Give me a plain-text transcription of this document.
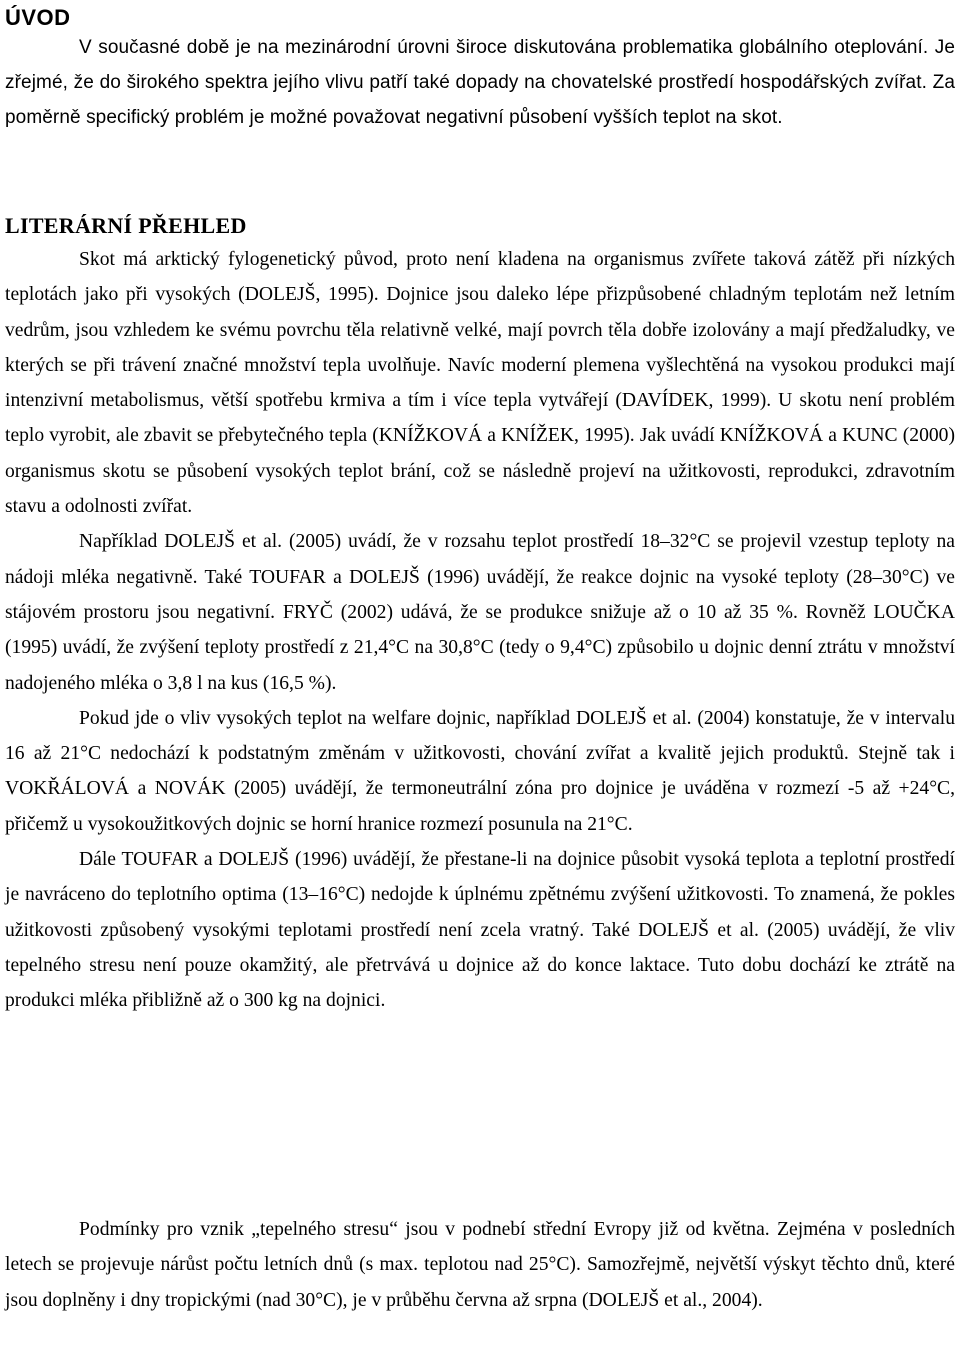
ÚVOD

V současné době je na mezinárodní úrovni široce diskutována problematika globálního oteplování. Je zřejmé, že do širokého spektra jejího vlivu patří také dopady na chovatelské prostředí hospodářských zvířat. Za poměrně specifický problém je možné považovat negativní působení vyšších teplot na skot.

LITERÁRNÍ PŘEHLED

Skot má arktický fylogenetický původ, proto není kladena na organismus zvířete taková zátěž při nízkých teplotách jako při vysokých (DOLEJŠ, 1995). Dojnice jsou daleko lépe přizpůsobené chladným teplotám než letním vedrům, jsou vzhledem ke svému povrchu těla relativně velké, mají povrch těla dobře izolovány a mají předžaludky, ve kterých se při trávení značné množství tepla uvolňuje. Navíc moderní plemena vyšlechtěná na vysokou produkci mají intenzivní metabolismus, větší spotřebu krmiva a tím i více tepla vytvářejí (DAVÍDEK, 1999). U skotu není problém teplo vyrobit, ale zbavit se přebytečného tepla (KNÍŽKOVÁ a KNÍŽEK, 1995). Jak uvádí KNÍŽKOVÁ a KUNC (2000) organismus skotu se působení vysokých teplot brání, což se následně projeví na užitkovosti, reprodukci, zdravotním stavu a odolnosti zvířat.

Například DOLEJŠ et al. (2005) uvádí, že v rozsahu teplot prostředí 18–32°C se projevil vzestup teploty na nádoji mléka negativně. Také TOUFAR a DOLEJŠ (1996) uvádějí, že reakce dojnic na vysoké teploty (28–30°C) ve stájovém prostoru jsou negativní. FRYČ (2002) udává, že se produkce snižuje až o 10 až 35 %. Rovněž LOUČKA (1995) uvádí, že zvýšení teploty prostředí z 21,4°C na 30,8°C (tedy o 9,4°C) způsobilo u dojnic denní ztrátu v množství nadojeného mléka o 3,8 l na kus (16,5 %).

Pokud jde o vliv vysokých teplot na welfare dojnic, například DOLEJŠ et al. (2004) konstatuje, že v intervalu 16 až 21°C nedochází k podstatným změnám v užitkovosti, chování zvířat a kvalitě jejich produktů. Stejně tak i VOKŘÁLOVÁ a NOVÁK (2005) uvádějí, že termoneutrální zóna pro dojnice je uváděna v rozmezí -5 až +24°C, přičemž u vysokoužitkových dojnic se horní hranice rozmezí posunula na 21°C.

Dále TOUFAR a DOLEJŠ (1996) uvádějí, že přestane-li na dojnice působit vysoká teplota a teplotní prostředí je navráceno do teplotního optima (13–16°C) nedojde k úplnému zpětnému zvýšení užitkovosti. To znamená, že pokles užitkovosti způsobený vysokými teplotami prostředí není zcela vratný. Také DOLEJŠ et al. (2005) uvádějí, že vliv tepelného stresu není pouze okamžitý, ale přetrvává u dojnice až do konce laktace. Tuto dobu dochází ke ztrátě na produkci mléka přibližně až o 300 kg na dojnici.

Podmínky pro vznik „tepelného stresu“ jsou v podnebí střední Evropy již od května. Zejména v posledních letech se projevuje nárůst počtu letních dnů (s max. teplotou nad 25°C). Samozřejmě, největší výskyt těchto dnů, které jsou doplněny i dny tropickými (nad 30°C), je v průběhu června až srpna (DOLEJŠ et al., 2004).
